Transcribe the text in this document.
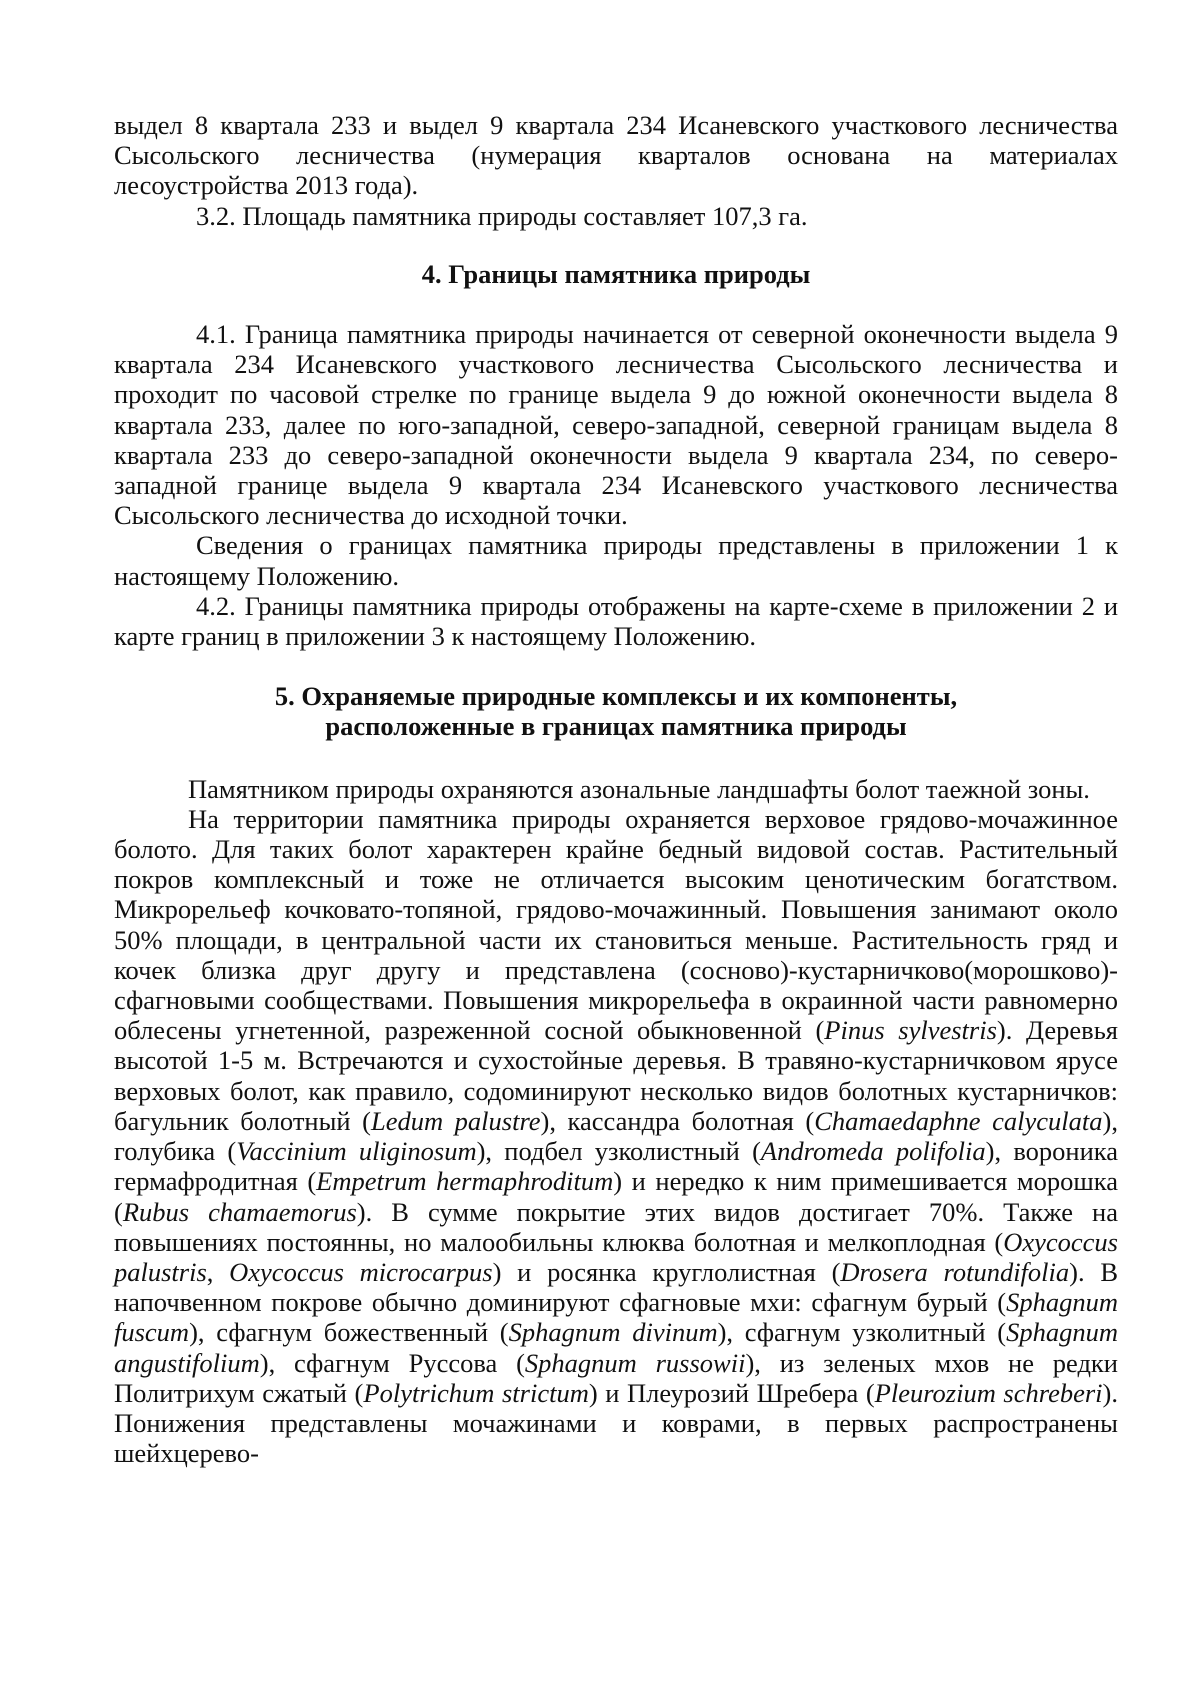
выдел 8 квартала 233 и выдел 9 квартала 234 Исаневского участкового лесничества Сысольского лесничества (нумерация кварталов основана на материалах лесоустройства 2013 года).

3.2. Площадь памятника природы составляет 107,3 га.

4. Границы памятника природы

4.1. Граница памятника природы начинается от северной оконечности выдела 9 квартала 234 Исаневского участкового лесничества Сысольского лесничества и проходит по часовой стрелке по границе выдела 9 до южной оконечности выдела 8 квартала 233, далее по юго-западной, северо-западной, северной границам выдела 8 квартала 233 до северо-западной оконечности выдела 9 квартала 234, по северо-западной границе выдела 9 квартала 234 Исаневского участкового лесничества Сысольского лесничества до исходной точки.

Сведения о границах памятника природы представлены в приложении 1 к настоящему Положению.

4.2. Границы памятника природы отображены на карте-схеме в приложении 2 и карте границ в приложении 3 к настоящему Положению.

5. Охраняемые природные комплексы и их компоненты,
расположенные в границах памятника природы

Памятником природы охраняются азональные ландшафты болот таежной зоны.

На территории памятника природы охраняется верховое грядово-мочажинное болото. Для таких болот характерен крайне бедный видовой состав. Растительный покров комплексный и тоже не отличается высоким ценотическим богатством. Микрорельеф кочковато-топяной, грядово-мочажинный. Повышения занимают около 50% площади, в центральной части их становиться меньше. Растительность гряд и кочек близка друг другу и представлена (сосново)-кустарничково(морошково)-сфагновыми сообществами. Повышения микрорельефа в окраинной части равномерно облесены угнетенной, разреженной сосной обыкновенной (Pinus sylvestris). Деревья высотой 1-5 м. Встречаются и сухостойные деревья. В травяно-кустарничковом ярусе верховых болот, как правило, содоминируют несколько видов болотных кустарничков: багульник болотный (Ledum palustre), кассандра болотная (Chamaedaphne calyculata), голубика (Vaccinium uliginosum), подбел узколистный (Andromeda polifolia), вороника гермафродитная (Empetrum hermaphroditum) и нередко к ним примешивается морошка (Rubus chamaemorus). В сумме покрытие этих видов достигает 70%. Также на повышениях постоянны, но малообильны клюква болотная и мелкоплодная (Oxycoccus palustris, Oxycoccus microcarpus) и росянка круглолистная (Drosera rotundifolia). В напочвенном покрове обычно доминируют сфагновые мхи: сфагнум бурый (Sphagnum fuscum), сфагнум божественный (Sphagnum divinum), сфагнум узколитный (Sphagnum angustifolium), сфагнум Руссова (Sphagnum russowii), из зеленых мхов не редки Политрихум сжатый (Polytrichum strictum) и Плеурозий Шребера (Pleurozium schreberi). Понижения представлены мочажинами и коврами, в первых распространены шейхцерево-
